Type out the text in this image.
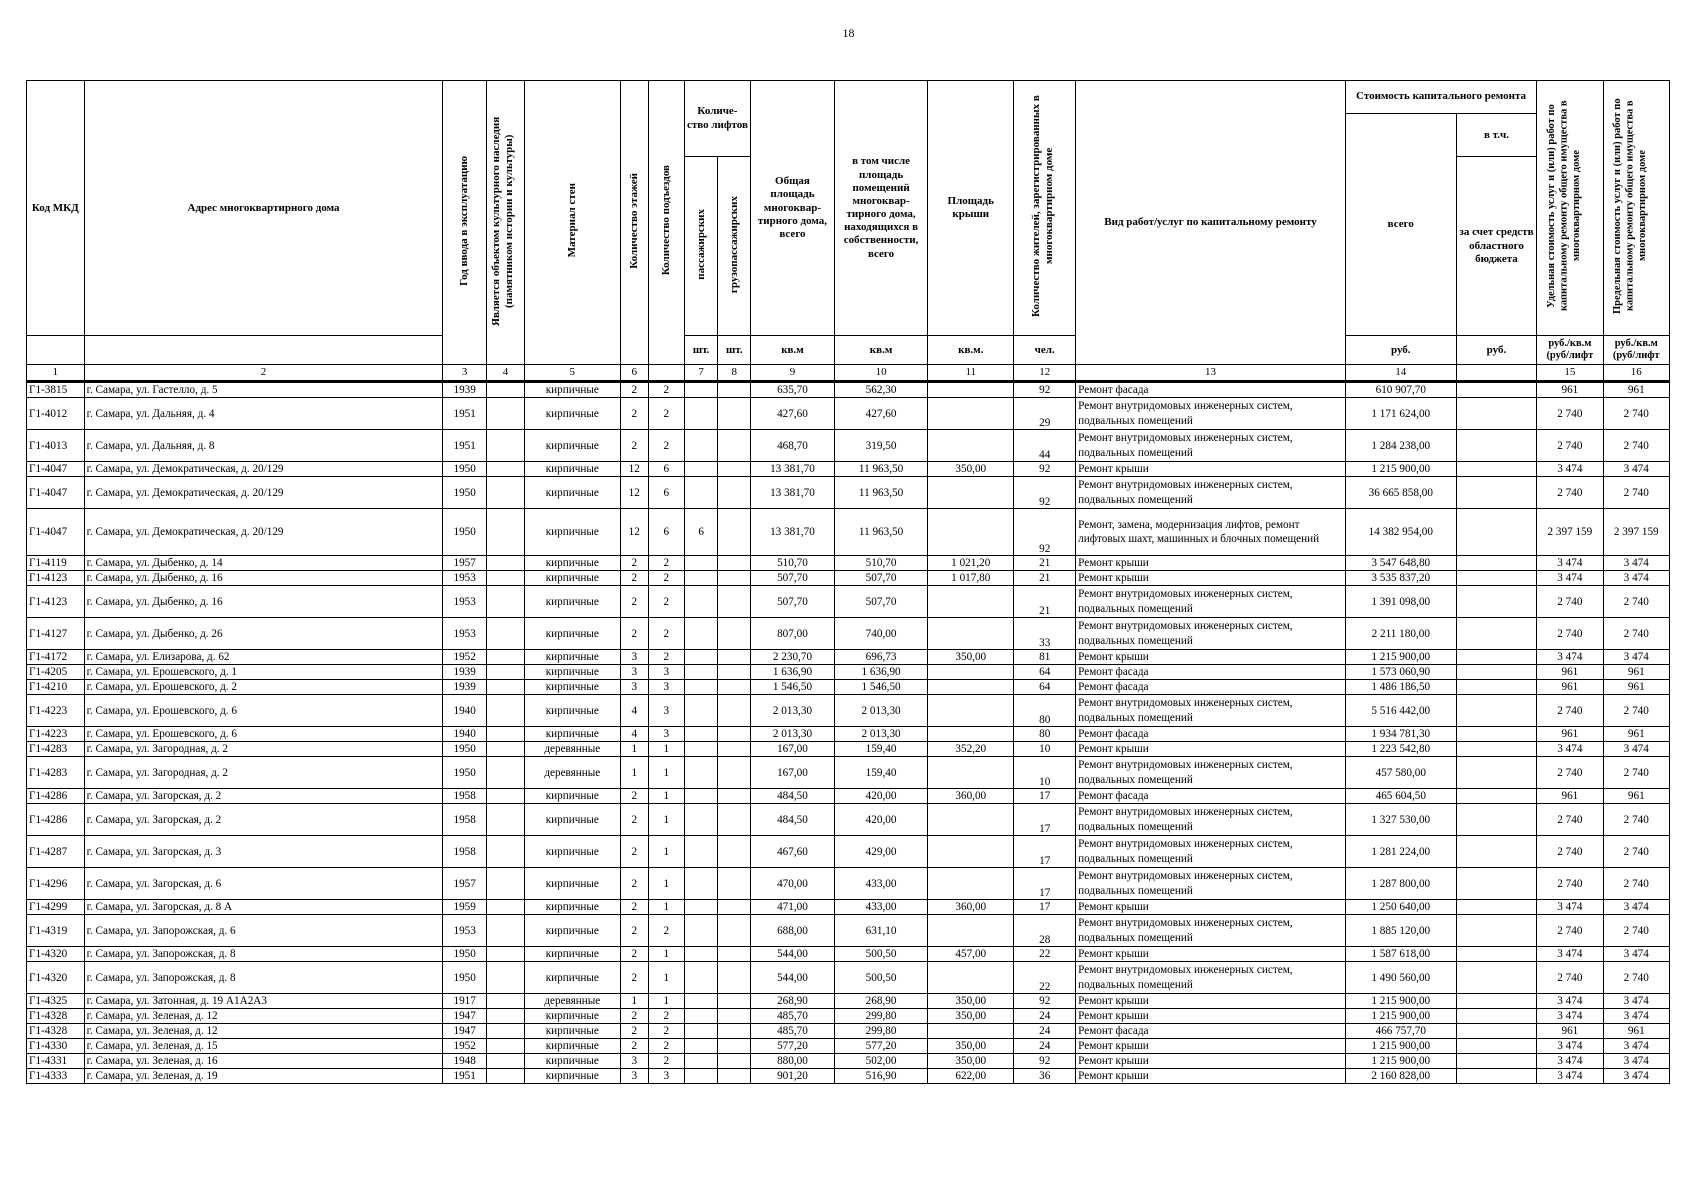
18
Код МКД	Адрес многоквартирного дома	Год ввода в эксплуатацию	Является объектом культурного наследия (памятником истории и культуры)	Материал стен	Количество этажей	Количество подъездов	Количе-ство лифтов		Общая площадь многоквар-тирного дома, всего	в том числе площадь помещений многоквар-тирного дома, находящихся в собственности, всего	Площадь крыши	Количество жителей, зарегистрированных в многоквартирном доме	Вид работ/услуг по капитальному ремонту	Стоимость капитального ремонта		Удельная стоимость услуг и (или) работ по капитальному ремонту общего имущества в многоквартирном доме	Предельная стоимость услуг и (или) работ по капитальному ремонту общего имущества в многоквартирном доме
														всего	в т.ч.		
							пассажирских	грузопассажирских							за счет средств областного бюджета		
							шт.	шт.	кв.м	кв.м	кв.м.	чел.		руб.	руб.	руб./кв.м (руб/лифт	руб./кв.м (руб/лифт
1	2	3	4	5	6		7	8	9	10	11	12	13	14		15	16
Г1-3815	г. Самара, ул. Гастелло, д. 5	1939		кирпичные	2	2			635,70	562,30		92	Ремонт фасада	610 907,70		961	961
Г1-4012	г. Самара, ул. Дальняя, д. 4	1951		кирпичные	2	2			427,60	427,60		29	Ремонт внутридомовых инженерных систем, подвальных помещений	1 171 624,00		2 740	2 740
Г1-4013	г. Самара, ул. Дальняя, д. 8	1951		кирпичные	2	2			468,70	319,50		44	Ремонт внутридомовых инженерных систем, подвальных помещений	1 284 238,00		2 740	2 740
Г1-4047	г. Самара, ул. Демократическая, д. 20/129	1950		кирпичные	12	6			13 381,70	11 963,50	350,00	92	Ремонт крыши	1 215 900,00		3 474	3 474
Г1-4047	г. Самара, ул. Демократическая, д. 20/129	1950		кирпичные	12	6			13 381,70	11 963,50		92	Ремонт внутридомовых инженерных систем, подвальных помещений	36 665 858,00		2 740	2 740
Г1-4047	г. Самара, ул. Демократическая, д. 20/129	1950		кирпичные	12	6	6		13 381,70	11 963,50		92	Ремонт, замена, модернизация лифтов, ремонт лифтовых шахт, машинных и блочных помещений	14 382 954,00		2 397 159	2 397 159
Г1-4119	г. Самара, ул. Дыбенко, д. 14	1957		кирпичные	2	2			510,70	510,70	1 021,20	21	Ремонт крыши	3 547 648,80		3 474	3 474
Г1-4123	г. Самара, ул. Дыбенко, д. 16	1953		кирпичные	2	2			507,70	507,70	1 017,80	21	Ремонт крыши	3 535 837,20		3 474	3 474
Г1-4123	г. Самара, ул. Дыбенко, д. 16	1953		кирпичные	2	2			507,70	507,70		21	Ремонт внутридомовых инженерных систем, подвальных помещений	1 391 098,00		2 740	2 740
Г1-4127	г. Самара, ул. Дыбенко, д. 26	1953		кирпичные	2	2			807,00	740,00		33	Ремонт внутридомовых инженерных систем, подвальных помещений	2 211 180,00		2 740	2 740
Г1-4172	г. Самара, ул. Елизарова, д. 62	1952		кирпичные	3	2			2 230,70	696,73	350,00	81	Ремонт крыши	1 215 900,00		3 474	3 474
Г1-4205	г. Самара, ул. Ерошевского, д. 1	1939		кирпичные	3	3			1 636,90	1 636,90		64	Ремонт фасада	1 573 060,90		961	961
Г1-4210	г. Самара, ул. Ерошевского, д. 2	1939		кирпичные	3	3			1 546,50	1 546,50		64	Ремонт фасада	1 486 186,50		961	961
Г1-4223	г. Самара, ул. Ерошевского, д. 6	1940		кирпичные	4	3			2 013,30	2 013,30		80	Ремонт внутридомовых инженерных систем, подвальных помещений	5 516 442,00		2 740	2 740
Г1-4223	г. Самара, ул. Ерошевского, д. 6	1940		кирпичные	4	3			2 013,30	2 013,30		80	Ремонт фасада	1 934 781,30		961	961
Г1-4283	г. Самара, ул. Загородная, д. 2	1950		деревянные	1	1			167,00	159,40	352,20	10	Ремонт крыши	1 223 542,80		3 474	3 474
Г1-4283	г. Самара, ул. Загородная, д. 2	1950		деревянные	1	1			167,00	159,40		10	Ремонт внутридомовых инженерных систем, подвальных помещений	457 580,00		2 740	2 740
Г1-4286	г. Самара, ул. Загорская, д. 2	1958		кирпичные	2	1			484,50	420,00	360,00	17	Ремонт фасада	465 604,50		961	961
Г1-4286	г. Самара, ул. Загорская, д. 2	1958		кирпичные	2	1			484,50	420,00		17	Ремонт внутридомовых инженерных систем, подвальных помещений	1 327 530,00		2 740	2 740
Г1-4287	г. Самара, ул. Загорская, д. 3	1958		кирпичные	2	1			467,60	429,00		17	Ремонт внутридомовых инженерных систем, подвальных помещений	1 281 224,00		2 740	2 740
Г1-4296	г. Самара, ул. Загорская, д. 6	1957		кирпичные	2	1			470,00	433,00		17	Ремонт внутридомовых инженерных систем, подвальных помещений	1 287 800,00		2 740	2 740
Г1-4299	г. Самара, ул. Загорская, д. 8 А	1959		кирпичные	2	1			471,00	433,00	360,00	17	Ремонт крыши	1 250 640,00		3 474	3 474
Г1-4319	г. Самара, ул. Запорожская, д. 6	1953		кирпичные	2	2			688,00	631,10		28	Ремонт внутридомовых инженерных систем, подвальных помещений	1 885 120,00		2 740	2 740
Г1-4320	г. Самара, ул. Запорожская, д. 8	1950		кирпичные	2	1			544,00	500,50	457,00	22	Ремонт крыши	1 587 618,00		3 474	3 474
Г1-4320	г. Самара, ул. Запорожская, д. 8	1950		кирпичные	2	1			544,00	500,50		22	Ремонт внутридомовых инженерных систем, подвальных помещений	1 490 560,00		2 740	2 740
Г1-4325	г. Самара, ул. Затонная, д. 19 А1А2А3	1917		деревянные	1	1			268,90	268,90	350,00	92	Ремонт крыши	1 215 900,00		3 474	3 474
Г1-4328	г. Самара, ул. Зеленая, д. 12	1947		кирпичные	2	2			485,70	299,80	350,00	24	Ремонт крыши	1 215 900,00		3 474	3 474
Г1-4328	г. Самара, ул. Зеленая, д. 12	1947		кирпичные	2	2			485,70	299,80		24	Ремонт фасада	466 757,70		961	961
Г1-4330	г. Самара, ул. Зеленая, д. 15	1952		кирпичные	2	2			577,20	577,20	350,00	24	Ремонт крыши	1 215 900,00		3 474	3 474
Г1-4331	г. Самара, ул. Зеленая, д. 16	1948		кирпичные	3	2			880,00	502,00	350,00	92	Ремонт крыши	1 215 900,00		3 474	3 474
Г1-4333	г. Самара, ул. Зеленая, д. 19	1951		кирпичные	3	3			901,20	516,90	622,00	36	Ремонт крыши	2 160 828,00		3 474	3 474
